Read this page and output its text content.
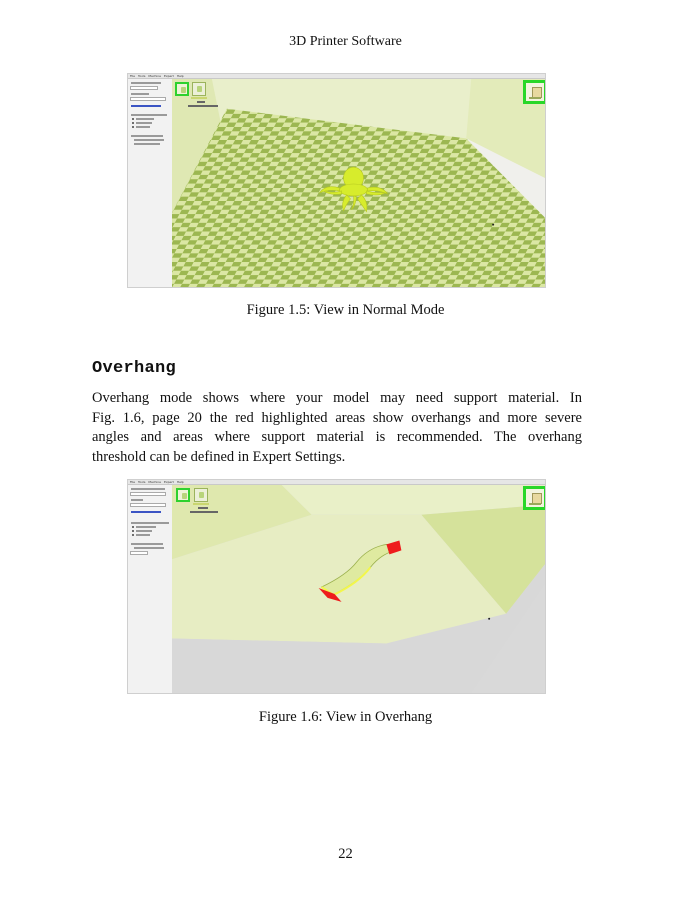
3D Printer Software
File Tools Machine Expert Help
Figure 1.5: View in Normal Mode
Overhang
Overhang mode shows where your model may need support material. In
Fig. 1.6, page 20 the red highlighted areas show overhangs and more severe
angles and areas where support material is recommended. The overhang
threshold can be defined in Expert Settings.
File Tools Machine Expert Help
Figure 1.6: View in Overhang
22
